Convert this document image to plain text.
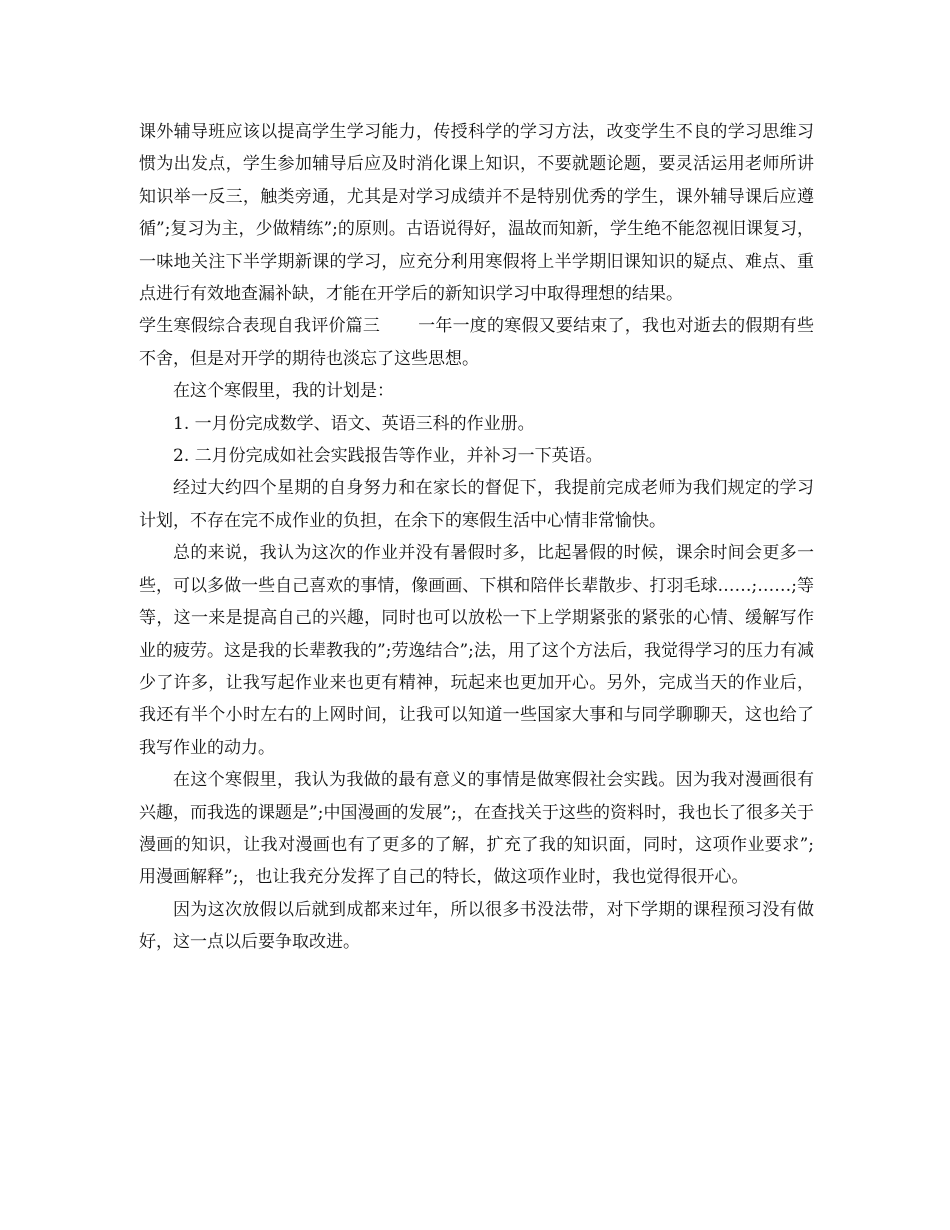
课外辅导班应该以提高学生学习能力，传授科学的学习方法，改变学生不良的学习思维习惯为出发点，学生参加辅导后应及时消化课上知识，不要就题论题，要灵活运用老师所讲知识举一反三，触类旁通，尤其是对学习成绩并不是特别优秀的学生，课外辅导课后应遵循”;复习为主，少做精练”;的原则。古语说得好，温故而知新，学生绝不能忽视旧课复习，一味地关注下半学期新课的学习，应充分利用寒假将上半学期旧课知识的疑点、难点、重点进行有效地查漏补缺，才能在开学后的新知识学习中取得理想的结果。

学生寒假综合表现自我评价篇三 一年一度的寒假又要结束了，我也对逝去的假期有些不舍，但是对开学的期待也淡忘了这些思想。

在这个寒假里，我的计划是：

1. 一月份完成数学、语文、英语三科的作业册。

2. 二月份完成如社会实践报告等作业，并补习一下英语。

经过大约四个星期的自身努力和在家长的督促下，我提前完成老师为我们规定的学习计划，不存在完不成作业的负担，在余下的寒假生活中心情非常愉快。

总的来说，我认为这次的作业并没有暑假时多，比起暑假的时候，课余时间会更多一些，可以多做一些自己喜欢的事情，像画画、下棋和陪伴长辈散步、打羽毛球……;……;等等，这一来是提高自己的兴趣，同时也可以放松一下上学期紧张的紧张的心情、缓解写作业的疲劳。这是我的长辈教我的”;劳逸结合”;法，用了这个方法后，我觉得学习的压力有减少了许多，让我写起作业来也更有精神，玩起来也更加开心。另外，完成当天的作业后，我还有半个小时左右的上网时间，让我可以知道一些国家大事和与同学聊聊天，这也给了我写作业的动力。

在这个寒假里，我认为我做的最有意义的事情是做寒假社会实践。因为我对漫画很有兴趣，而我选的课题是”;中国漫画的发展”;，在查找关于这些的资料时，我也长了很多关于漫画的知识，让我对漫画也有了更多的了解，扩充了我的知识面，同时，这项作业要求”;用漫画解释”;，也让我充分发挥了自己的特长，做这项作业时，我也觉得很开心。

因为这次放假以后就到成都来过年，所以很多书没法带，对下学期的课程预习没有做好，这一点以后要争取改进。
